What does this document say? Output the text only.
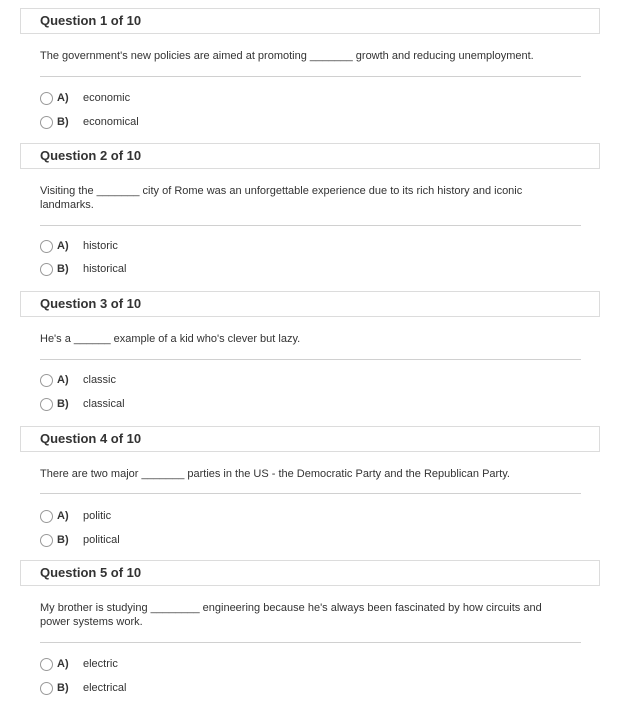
Question 1 of 10
The government's new policies are aimed at promoting _______ growth and reducing unemployment.
A)	economic
B)	economical
Question 2 of 10
Visiting the _______ city of Rome was an unforgettable experience due to its rich history and iconic landmarks.
A)	historic
B)	historical
Question 3 of 10
He's a ______ example of a kid who's clever but lazy.
A)	classic
B)	classical
Question 4 of 10
There are two major _______ parties in the US - the Democratic Party and the Republican Party.
A)	politic
B)	political
Question 5 of 10
My brother is studying ________ engineering because he's always been fascinated by how circuits and power systems work.
A)	electric
B)	electrical
